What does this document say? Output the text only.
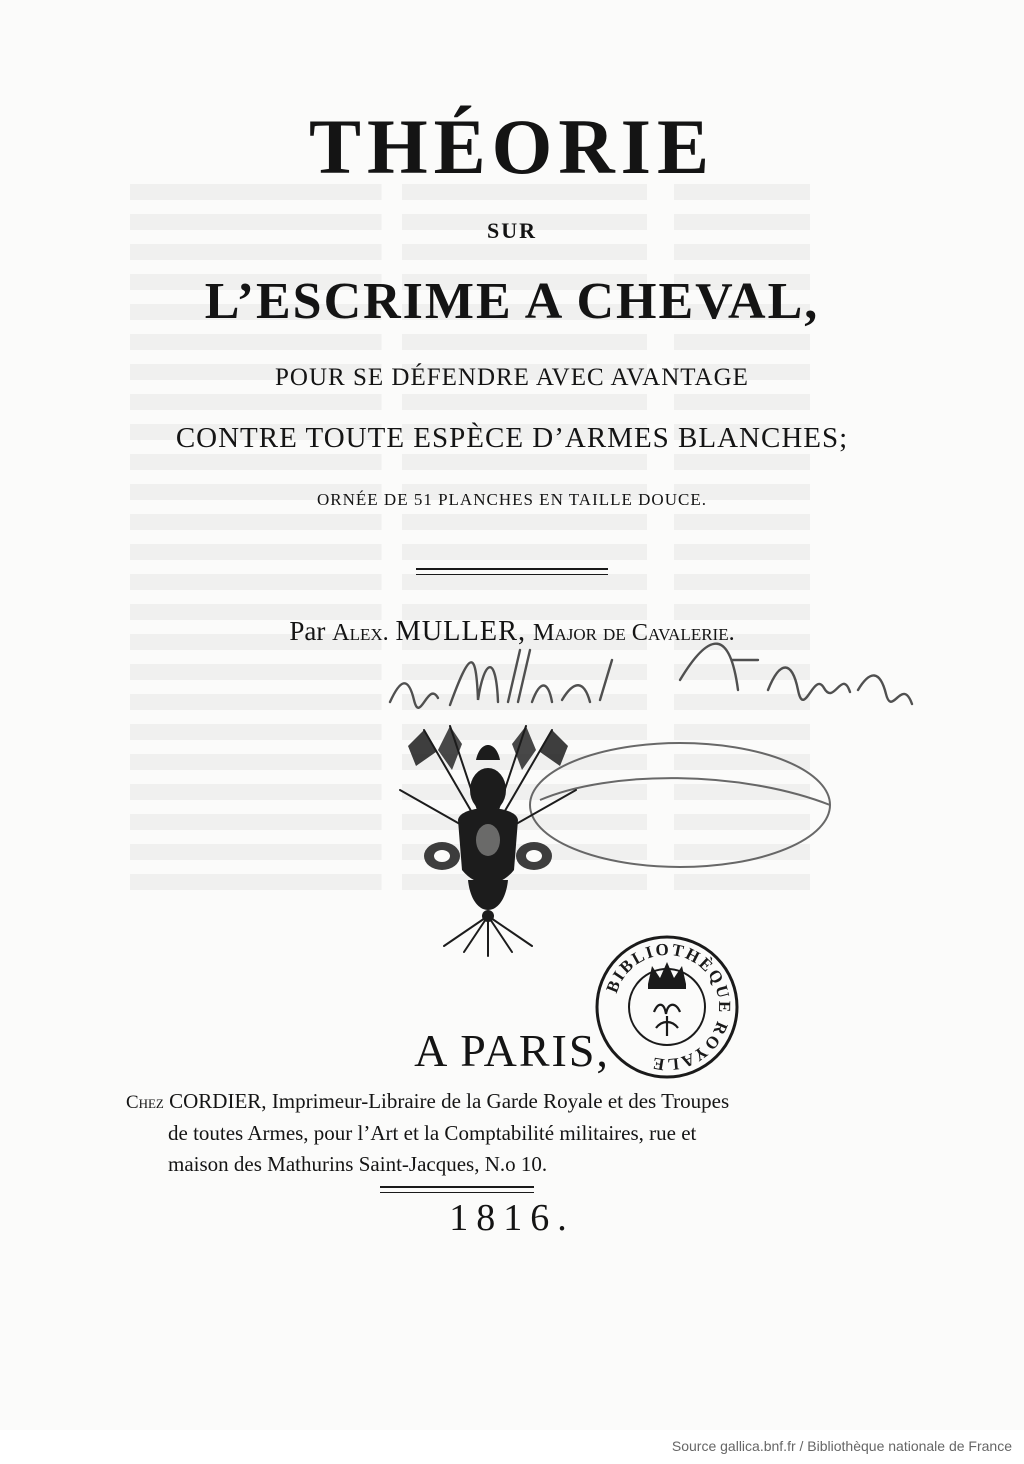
THÉORIE
SUR
L’ESCRIME A CHEVAL,
POUR SE DÉFENDRE AVEC AVANTAGE
CONTRE TOUTE ESPÈCE D’ARMES BLANCHES;
ORNÉE DE 51 PLANCHES EN TAILLE DOUCE.
Par Alex. MULLER, Major de Cavalerie.
BIBLIOTHÈQUE ROYALE
A PARIS,

Chez CORDIER, Imprimeur-Libraire de la Garde Royale et des Troupes

de toutes Armes, pour l’Art et la Comptabilité militaires, rue et

maison des Mathurins Saint-Jacques, N.o 10.

1816.
Source gallica.bnf.fr / Bibliothèque nationale de France
